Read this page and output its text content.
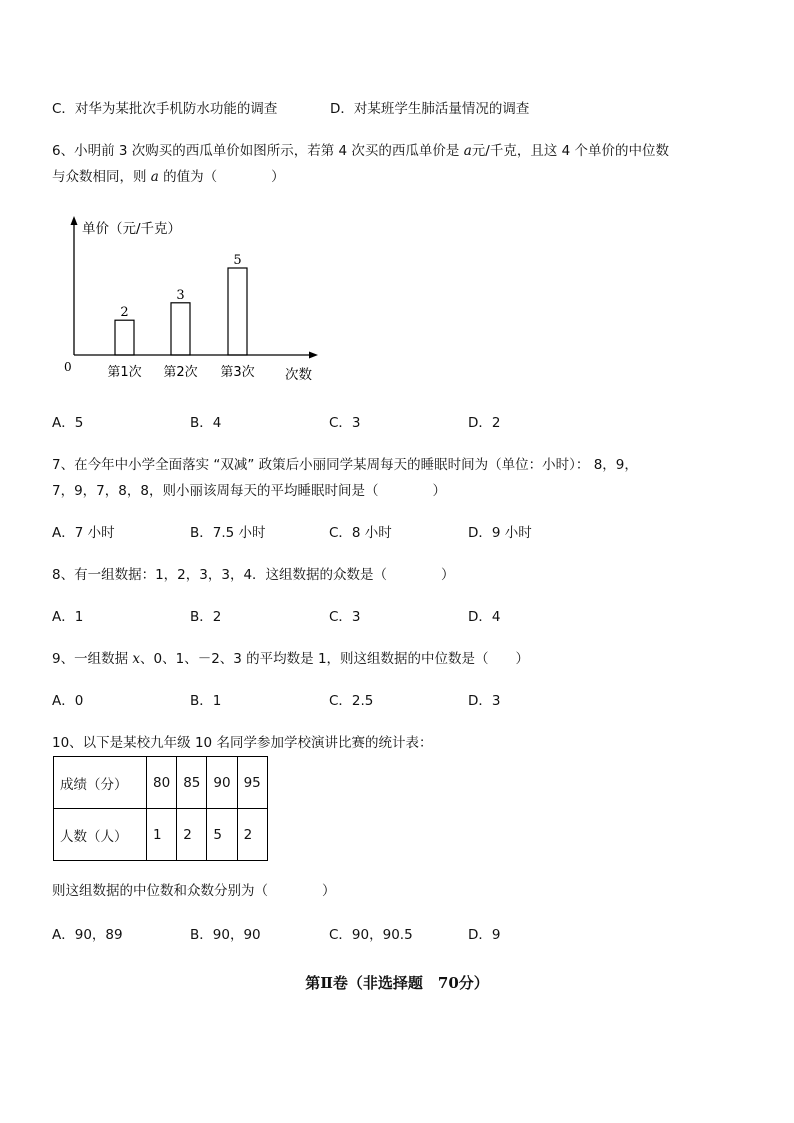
C．对华为某批次手机防水功能的调查	D．对某班学生肺活量情况的调查
6、小明前 3 次购买的西瓜单价如图所示，若第 4 次买的西瓜单价是 a元/千克，且这 4 个单价的中位数
与众数相同，则 a 的值为（　　　　）
单价（元/千克）
0	次数
2
第1次
3
第2次
5
第3次
A．5	B．4	C．3	D．2
7、在今年中小学全面落实 “双减” 政策后小丽同学某周每天的睡眠时间为（单位：小时）： 8，9，
7，9，7，8，8，则小丽该周每天的平均睡眠时间是（　　　　）
A．7 小时	B．7.5 小时	C．8 小时	D．9 小时
8、有一组数据：1，2，3，3，4．这组数据的众数是（　　　　）
A．1	B．2	C．3	D．4
9、一组数据 x、0、1、－2、3 的平均数是 1，则这组数据的中位数是（　　）
A．0	B．1	C．2.5	D．3
10、以下是某校九年级 10 名同学参加学校演讲比赛的统计表：
成绩（分）	80	85	90	95
人数（人）	1	2	5	2
则这组数据的中位数和众数分别为（　　　　）
A．90，89	B．90，90	C．90，90.5	D．9
第Ⅱ卷（非选择题　70分）
